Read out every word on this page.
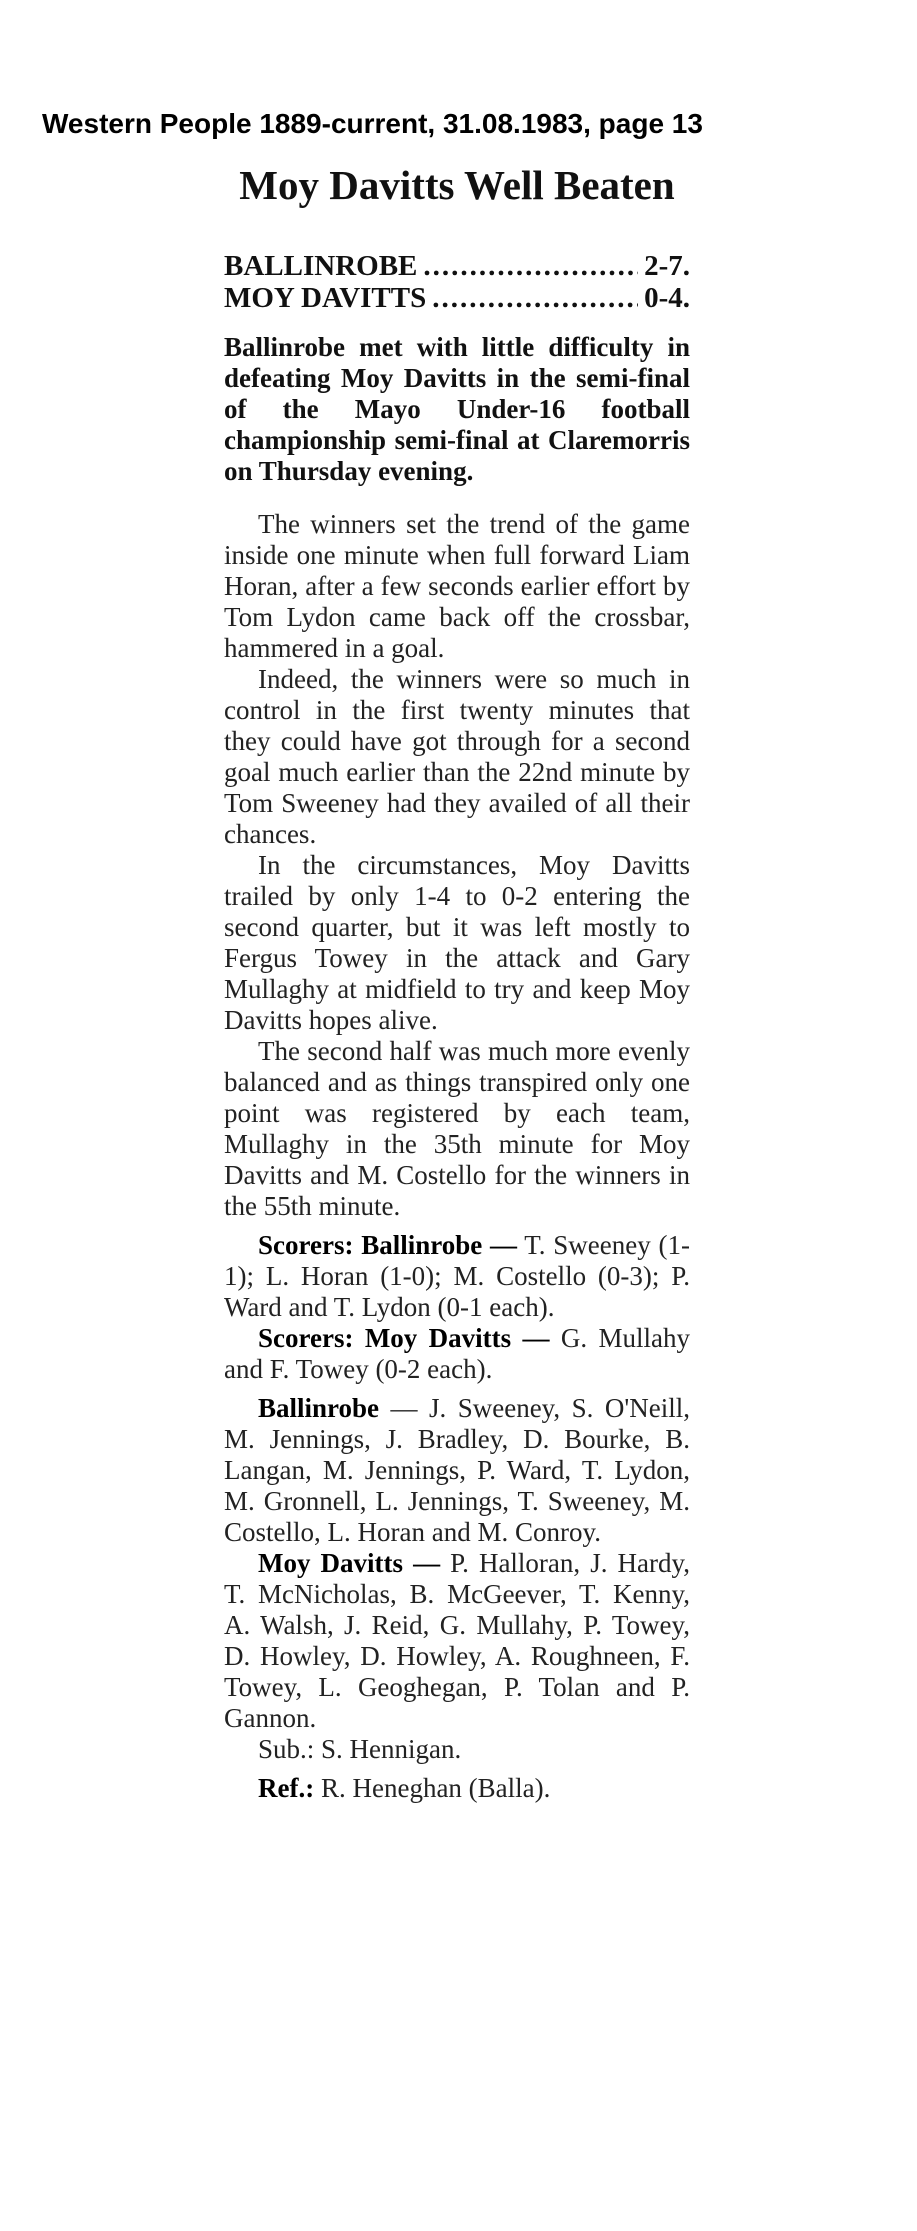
Western People 1889-current, 31.08.1983, page 13
Moy Davitts Well Beaten
BALLINROBE .....	2-7.
MOY DAVITTS .....	0-4.

Ballinrobe met with little difficulty in defeating Moy Davitts in the semi-final of the Mayo Under-16 football championship semi-final at Claremorris on Thursday evening.

The winners set the trend of the game inside one minute when full forward Liam Horan, after a few seconds earlier effort by Tom Lydon came back off the crossbar, hammered in a goal.

Indeed, the winners were so much in control in the first twenty minutes that they could have got through for a second goal much earlier than the 22nd minute by Tom Sweeney had they availed of all their chances.

In the circumstances, Moy Davitts trailed by only 1-4 to 0-2 entering the second quarter, but it was left mostly to Fergus Towey in the attack and Gary Mullaghy at midfield to try and keep Moy Davitts hopes alive.

The second half was much more evenly balanced and as things transpired only one point was registered by each team, Mullaghy in the 35th minute for Moy Davitts and M. Costello for the winners in the 55th minute.

Scorers: Ballinrobe — T. Sweeney (1-1); L. Horan (1-0); M. Costello (0-3); P. Ward and T. Lydon (0-1 each).

Scorers: Moy Davitts — G. Mullahy and F. Towey (0-2 each).

Ballinrobe — J. Sweeney, S. O'Neill, M. Jennings, J. Bradley, D. Bourke, B. Langan, M. Jennings, P. Ward, T. Lydon, M. Gronnell, L. Jennings, T. Sweeney, M. Costello, L. Horan and M. Conroy.

Moy Davitts — P. Halloran, J. Hardy, T. McNicholas, B. McGeever, T. Kenny, A. Walsh, J. Reid, G. Mullahy, P. Towey, D. Howley, D. Howley, A. Roughneen, F. Towey, L. Geoghegan, P. Tolan and P. Gannon.

Sub.: S. Hennigan.

Ref.: R. Heneghan (Balla).
